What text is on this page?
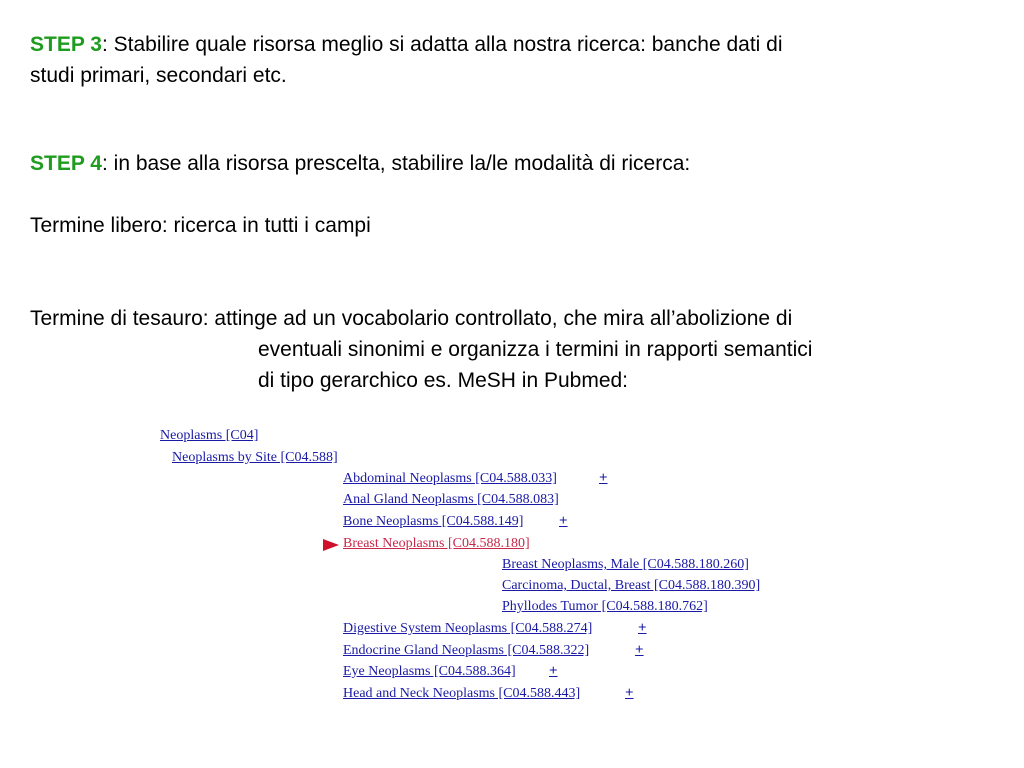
STEP 3: Stabilire quale risorsa meglio si adatta alla nostra ricerca: banche dati di
studi primari, secondari etc.
STEP 4: in base alla risorsa prescelta, stabilire la/le modalità di ricerca:
Termine libero: ricerca in tutti i campi
Termine di tesauro: attinge ad un vocabolario controllato, che mira all’abolizione di
eventuali sinonimi e organizza i termini in rapporti semantici
di tipo gerarchico es. MeSH in Pubmed:
Neoplasms [C04]
Neoplasms by Site [C04.588]
Abdominal Neoplasms [C04.588.033]	+
Anal Gland Neoplasms [C04.588.083]
Bone Neoplasms [C04.588.149] +
Breast Neoplasms [C04.588.180]
Breast Neoplasms, Male [C04.588.180.260]
Carcinoma, Ductal, Breast [C04.588.180.390]
Phyllodes Tumor [C04.588.180.762]
Digestive System Neoplasms [C04.588.274]	+
Endocrine Gland Neoplasms [C04.588.322]	+
Eye Neoplasms [C04.588.364] +
Head and Neck Neoplasms [C04.588.443]	+
